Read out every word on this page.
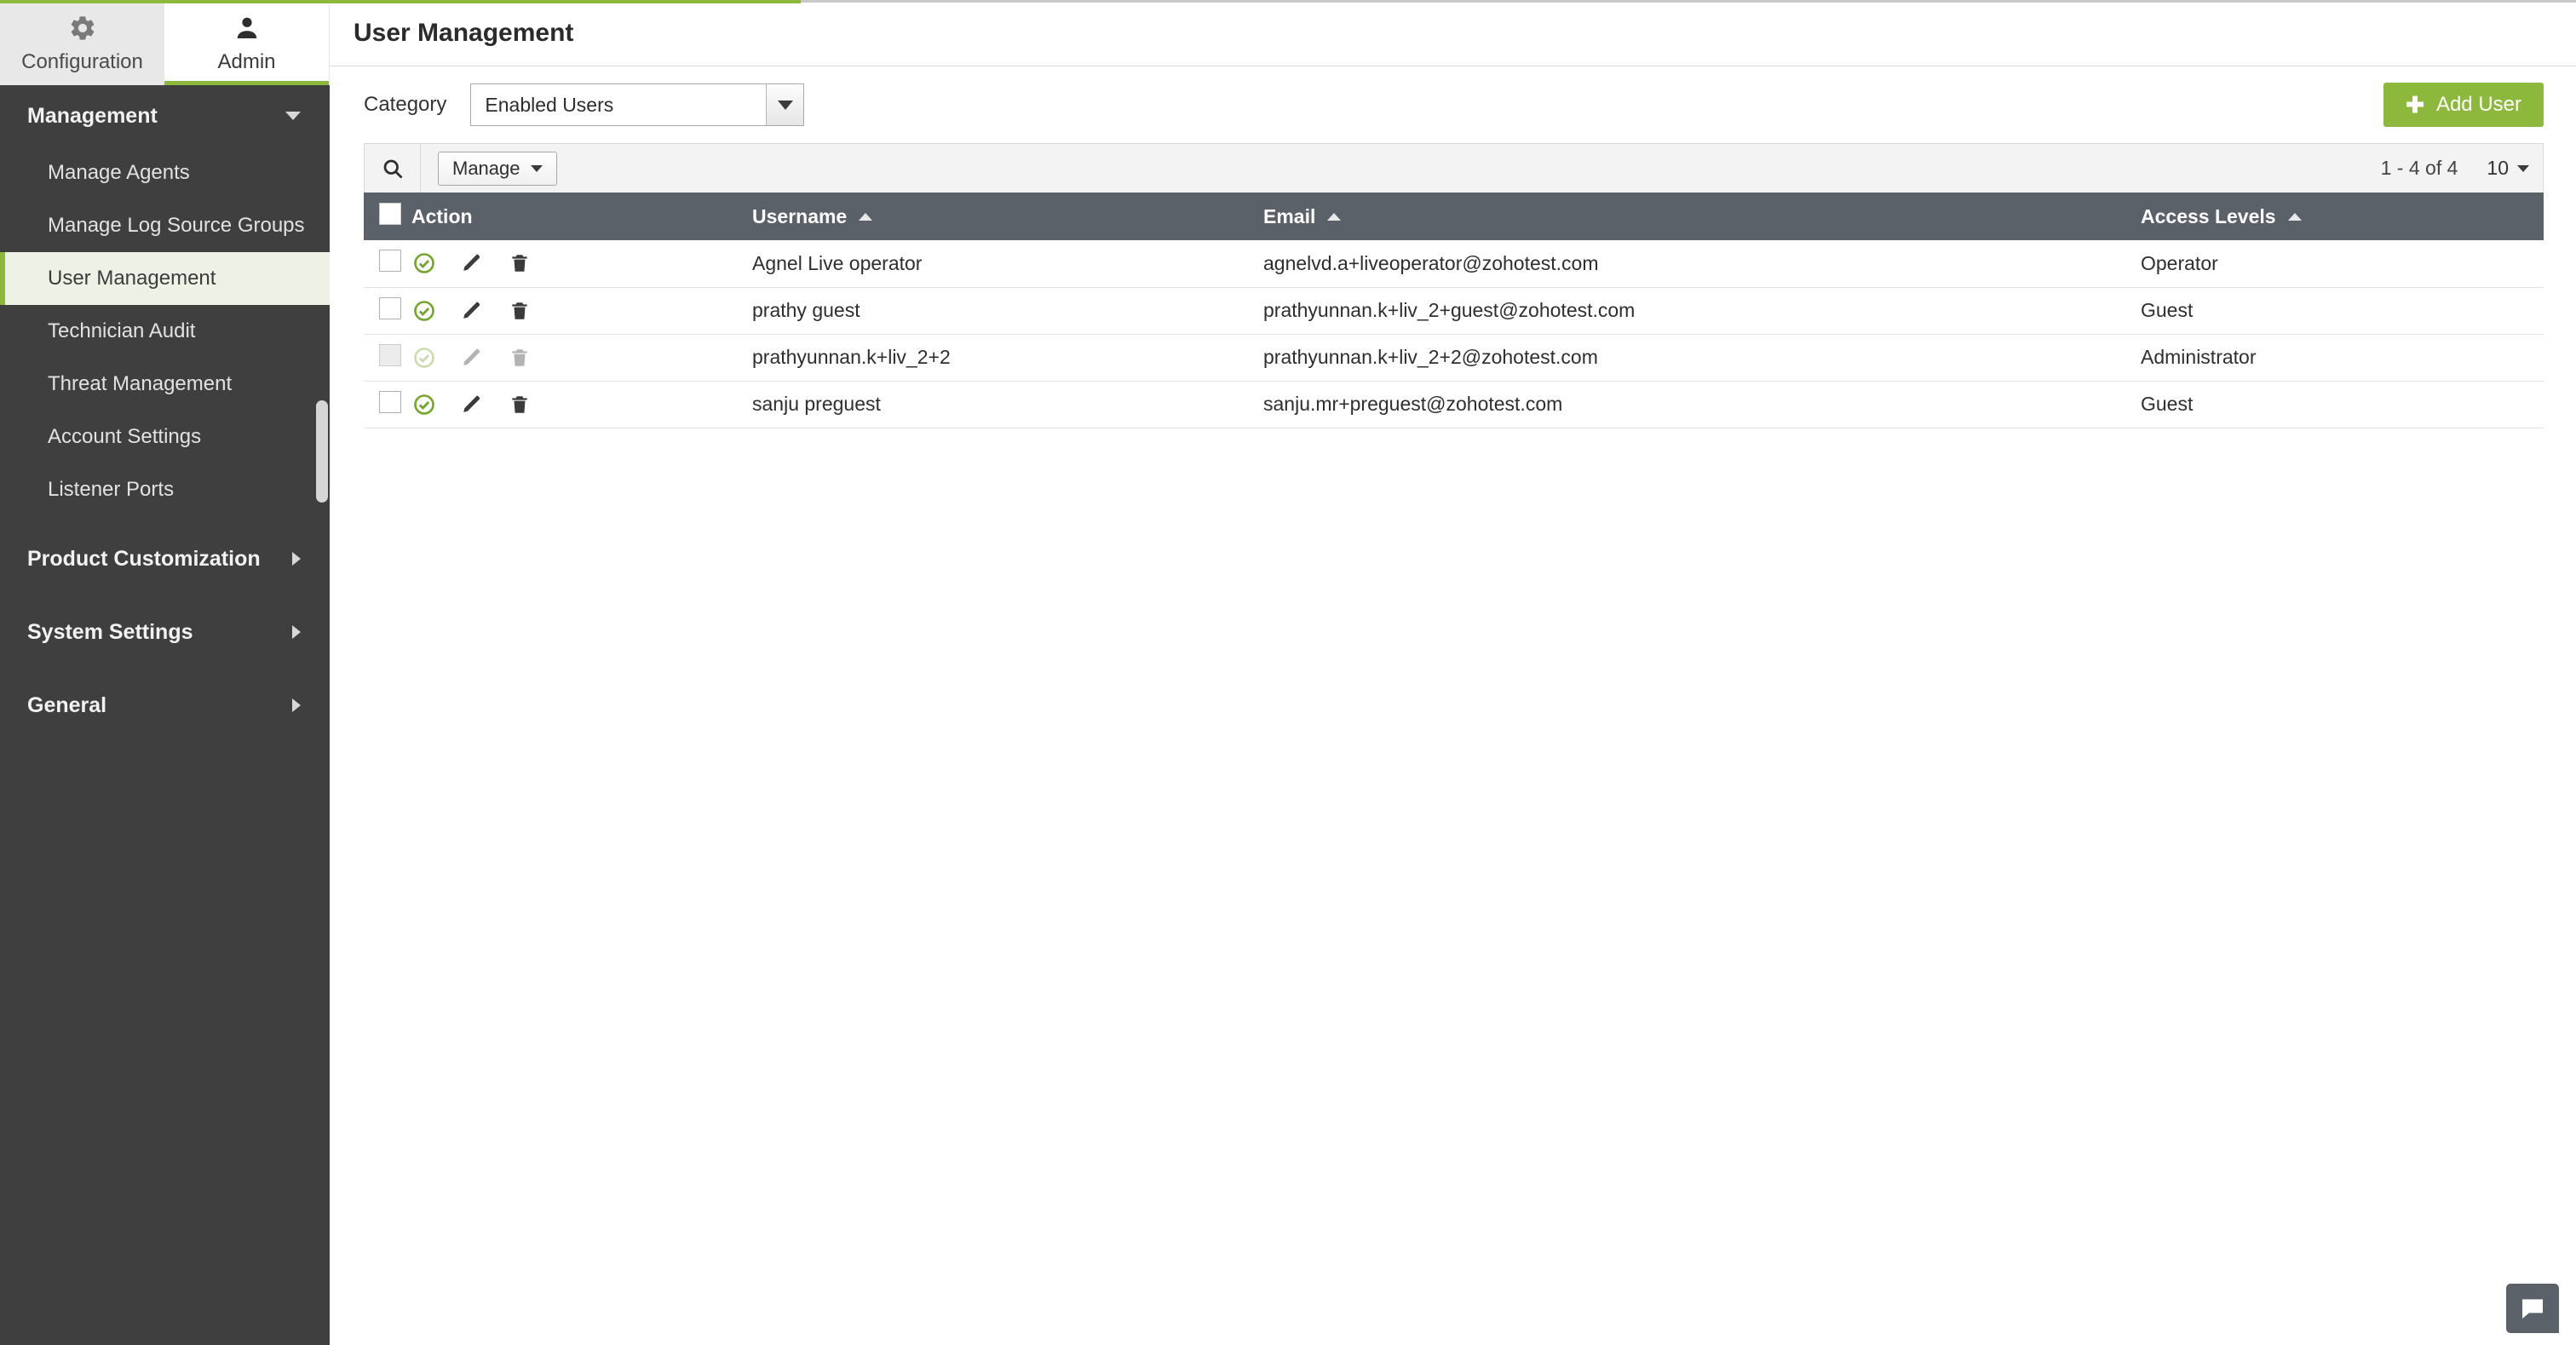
Configuration	Admin
Management
Manage Agents
Manage Log Source Groups
User Management
Technician Audit
Threat Management
Account Settings
Listener Ports
Product Customization
System Settings
General
User Management
Category	Enabled Users	✚ Add User
Manage	1 - 4 of 4 10

	Action	Username	Email	Access Levels

	Agnel Live operator	agnelvd.a+liveoperator@zohotest.com	Operator

	prathy guest	prathyunnan.k+liv_2+guest@zohotest.com	Guest

	prathyunnan.k+liv_2+2	prathyunnan.k+liv_2+2@zohotest.com	Administrator

	sanju preguest	sanju.mr+preguest@zohotest.com	Guest
